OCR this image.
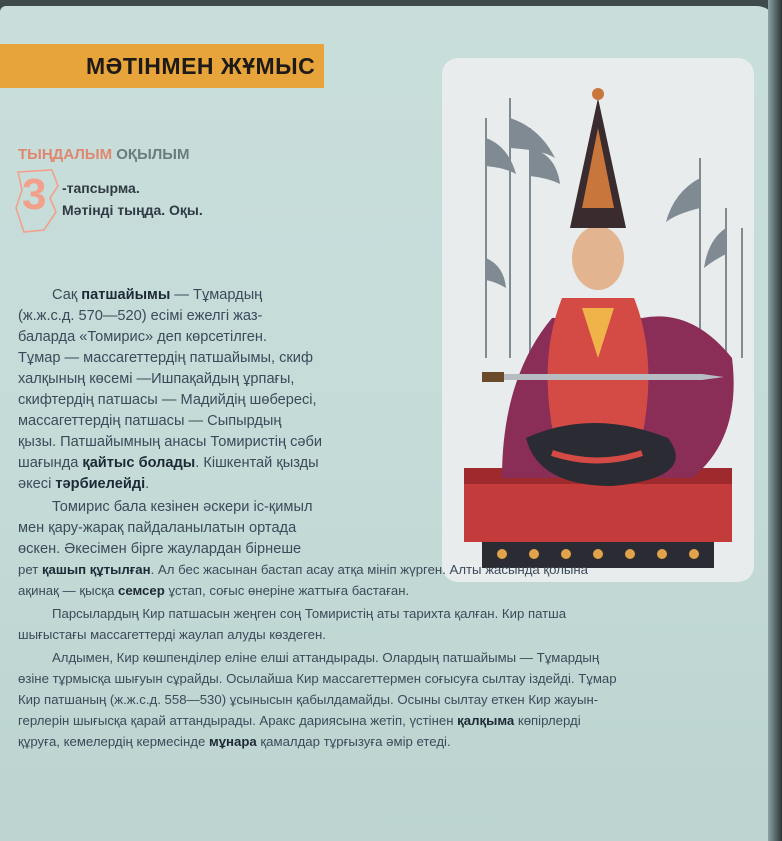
МӘТІНМЕН ЖҰМЫС
ТЫҢДАЛЫМ ОҚЫЛЫМ
3 -тапсырма.
Мәтінді тыңда. Оқы.
Сақ патшайымы — Тұмардың
(ж.ж.с.д. 570—520) есімі ежелгі жаз-
баларда «Томирис» деп көрсетілген.
Тұмар — массагеттердің патшайымы, скиф
халқының көсемі —Ишпақайдың ұрпағы,
скифтердің патшасы — Мадийдің шөбересі,
массагеттердің патшасы — Сыпырдың
қызы. Патшайымның анасы Томиристің сәби
шағында қайтыс болады. Кішкентай қызды
әкесі тәрбиелейді.
Томирис бала кезінен әскери іс-қимыл
мен қару-жарақ пайдаланылатын ортада
өскен. Әкесімен бірге жаулардан бірнеше
рет қашып құтылған. Ал бес жасынан бастап асау атқа мініп жүрген. Алты жасында қолына
ақинақ — қысқа семсер ұстап, соғыс өнеріне жаттыға бастаған.
Парсылардың Кир патшасын жеңген соң Томиристің аты тарихта қалған. Кир патша
шығыстағы массагеттерді жаулап алуды көздеген.
Алдымен, Кир көшпенділер еліне елші аттандырады. Олардың патшайымы — Тұмардың
өзіне тұрмысқа шығуын сұрайды. Осылайша Кир массагеттермен соғысуға сылтау іздейді. Тұмар
Кир патшаның (ж.ж.с.д. 558—530) ұсынысын қабылдамайды. Осыны сылтау еткен Кир жауын-
герлерін шығысқа қарай аттандырады. Аракс дариясына жетіп, үстінен қалқыма көпірлерді
құруға, кемелердің кермесінде мұнара қамалдар тұрғызуға әмір етеді.
